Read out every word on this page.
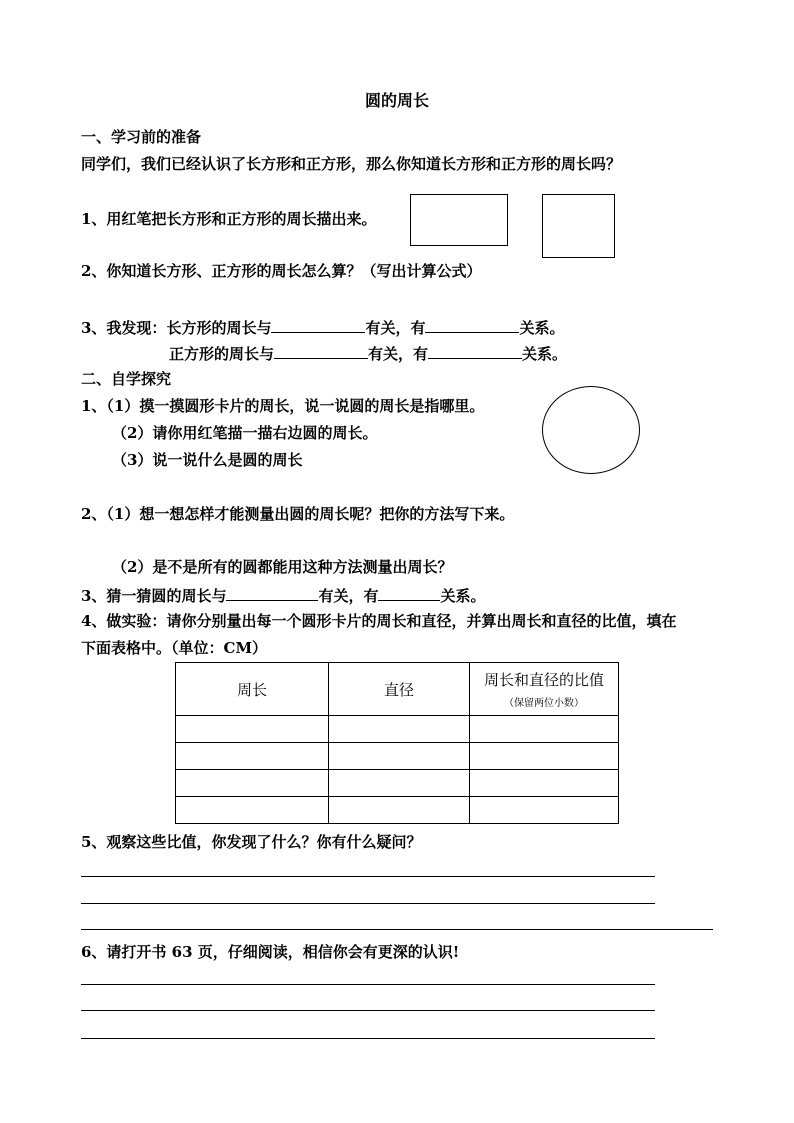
圆的周长
一、学习前的准备
同学们，我们已经认识了长方形和正方形，那么你知道长方形和正方形的周长吗？
1、用红笔把长方形和正方形的周长描出来。
2、你知道长方形、正方形的周长怎么算？（写出计算公式）
3、我发现：长方形的周长与	有关，有	关系。
正方形的周长与	有关，有	关系。
二、自学探究
1、（1）摸一摸圆形卡片的周长，说一说圆的周长是指哪里。
（2）请你用红笔描一描右边圆的周长。
（3）说一说什么是圆的周长
2、（1）想一想怎样才能测量出圆的周长呢？把你的方法写下来。
（2）是不是所有的圆都能用这种方法测量出周长？
3、猜一猜圆的周长与	有关，有	关系。
4、做实验：请你分别量出每一个圆形卡片的周长和直径，并算出周长和直径的比值，填在
下面表格中。（单位：CM）
周长	直径	周长和直径的比值
（保留两位小数）

5、观察这些比值，你发现了什么？你有什么疑问？
6、请打开书 63 页，仔细阅读，相信你会有更深的认识!
